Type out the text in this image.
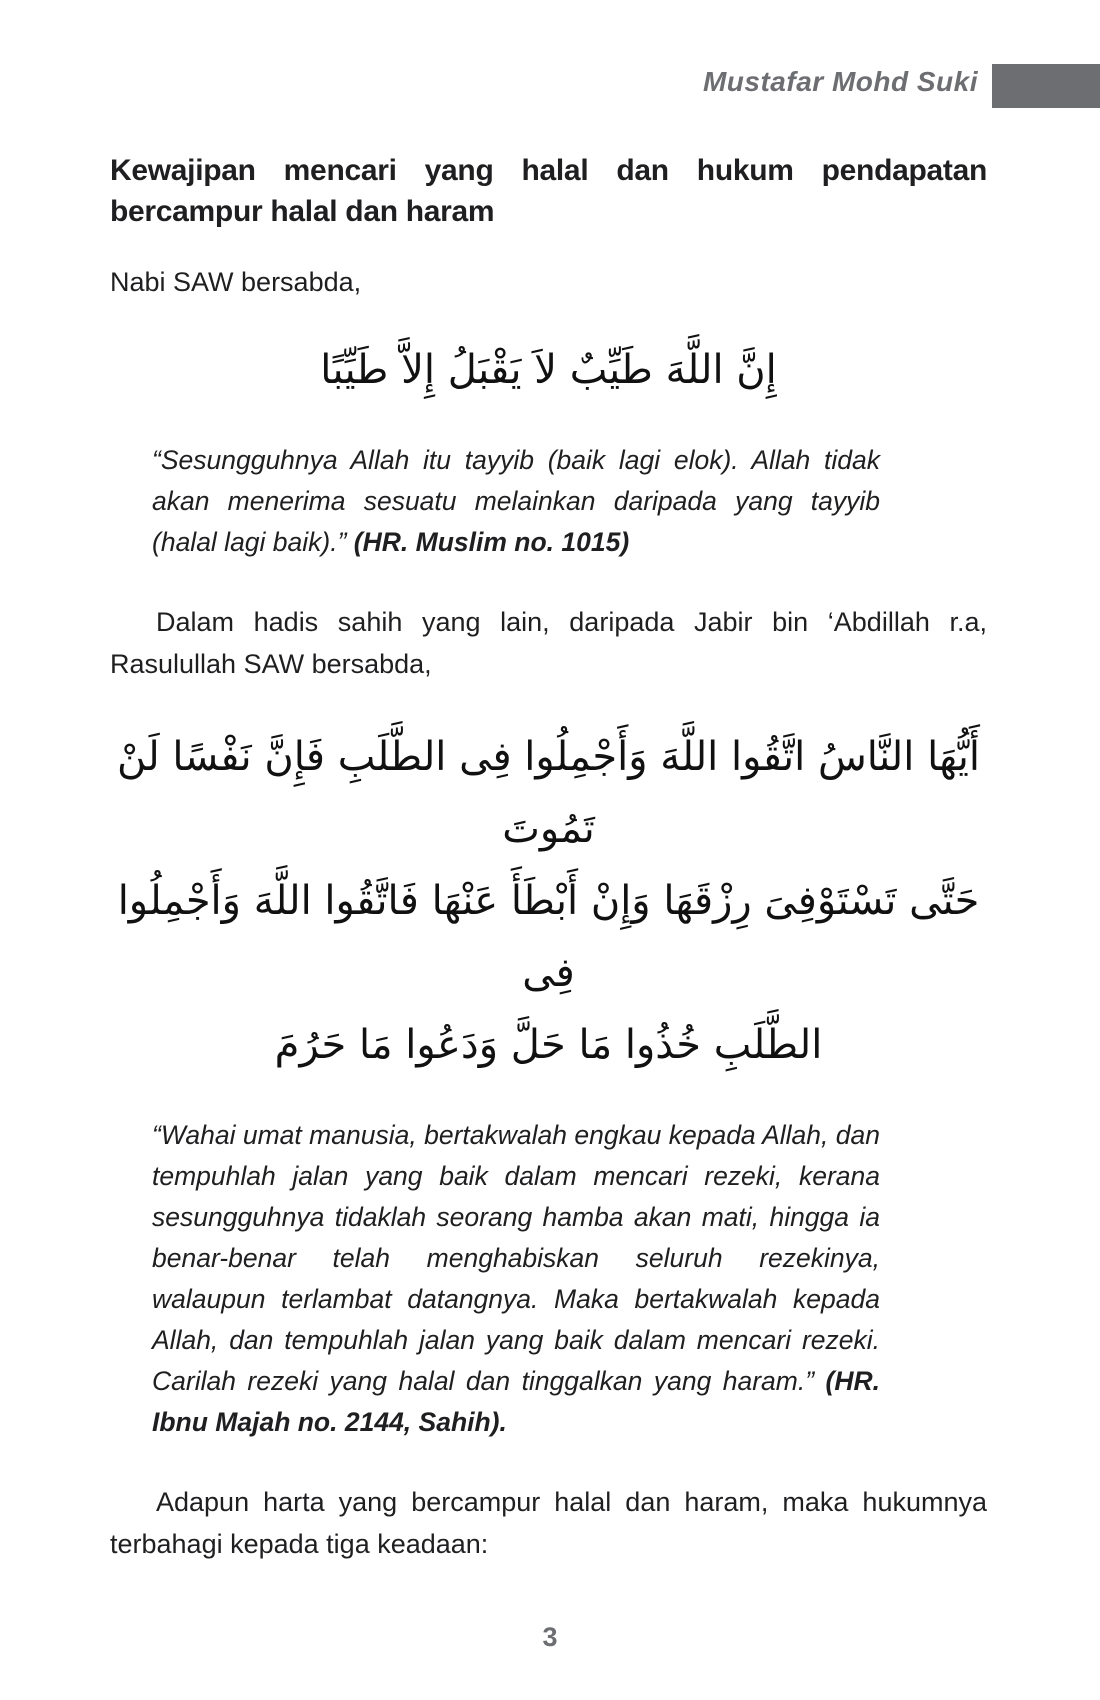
Mustafar Mohd Suki
Kewajipan mencari yang halal dan hukum pendapatan bercampur halal dan haram
Nabi SAW bersabda,
إِنَّ اللَّهَ طَيِّبٌ لاَ يَقْبَلُ إِلاَّ طَيِّبًا
“Sesungguhnya Allah itu tayyib (baik lagi elok). Allah tidak akan menerima sesuatu melainkan daripada yang tayyib (halal lagi baik).” (HR. Muslim no. 1015)
Dalam hadis sahih yang lain, daripada Jabir bin ‘Abdillah r.a, Rasulullah SAW bersabda,
أَيُّهَا النَّاسُ اتَّقُوا اللَّهَ وَأَجْمِلُوا فِى الطَّلَبِ فَإِنَّ نَفْسًا لَنْ تَمُوتَ
حَتَّى تَسْتَوْفِىَ رِزْقَهَا وَإِنْ أَبْطَأَ عَنْهَا فَاتَّقُوا اللَّهَ وَأَجْمِلُوا فِى
الطَّلَبِ خُذُوا مَا حَلَّ وَدَعُوا مَا حَرُمَ
“Wahai umat manusia, bertakwalah engkau kepada Allah, dan tempuhlah jalan yang baik dalam mencari rezeki, kerana sesungguhnya tidaklah seorang hamba akan mati, hingga ia benar-benar telah menghabiskan seluruh rezekinya, walaupun terlambat datangnya. Maka bertakwalah kepada Allah, dan tempuhlah jalan yang baik dalam mencari rezeki. Carilah rezeki yang halal dan tinggalkan yang haram.” (HR. Ibnu Majah no. 2144, Sahih).
Adapun harta yang bercampur halal dan haram, maka hukumnya terbahagi kepada tiga keadaan:
3
